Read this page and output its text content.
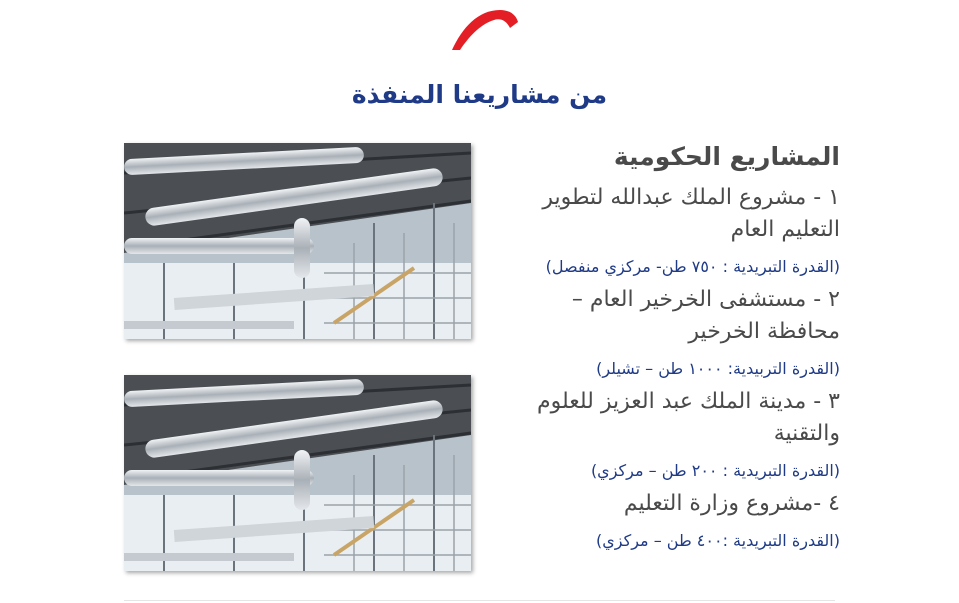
من مشاريعنا المنفذة
المشاريع الحكومية

١ - مشروع الملك عبدالله لتطوير التعليم العام

(القدرة التبريدية : ٧٥٠ طن- مركزي منفصل)

٢ - مستشفى الخرخير العام – محافظة الخرخير

(القدرة التربيدية: ١٠٠٠ طن – تشيلر)

٣ - مدينة الملك عبد العزيز للعلوم والتقنية

(القدرة التبريدية : ٢٠٠ طن – مركزي)

٤ -مشروع وزارة التعليم

(القدرة التبريدية :٤٠٠ طن – مركزي)
